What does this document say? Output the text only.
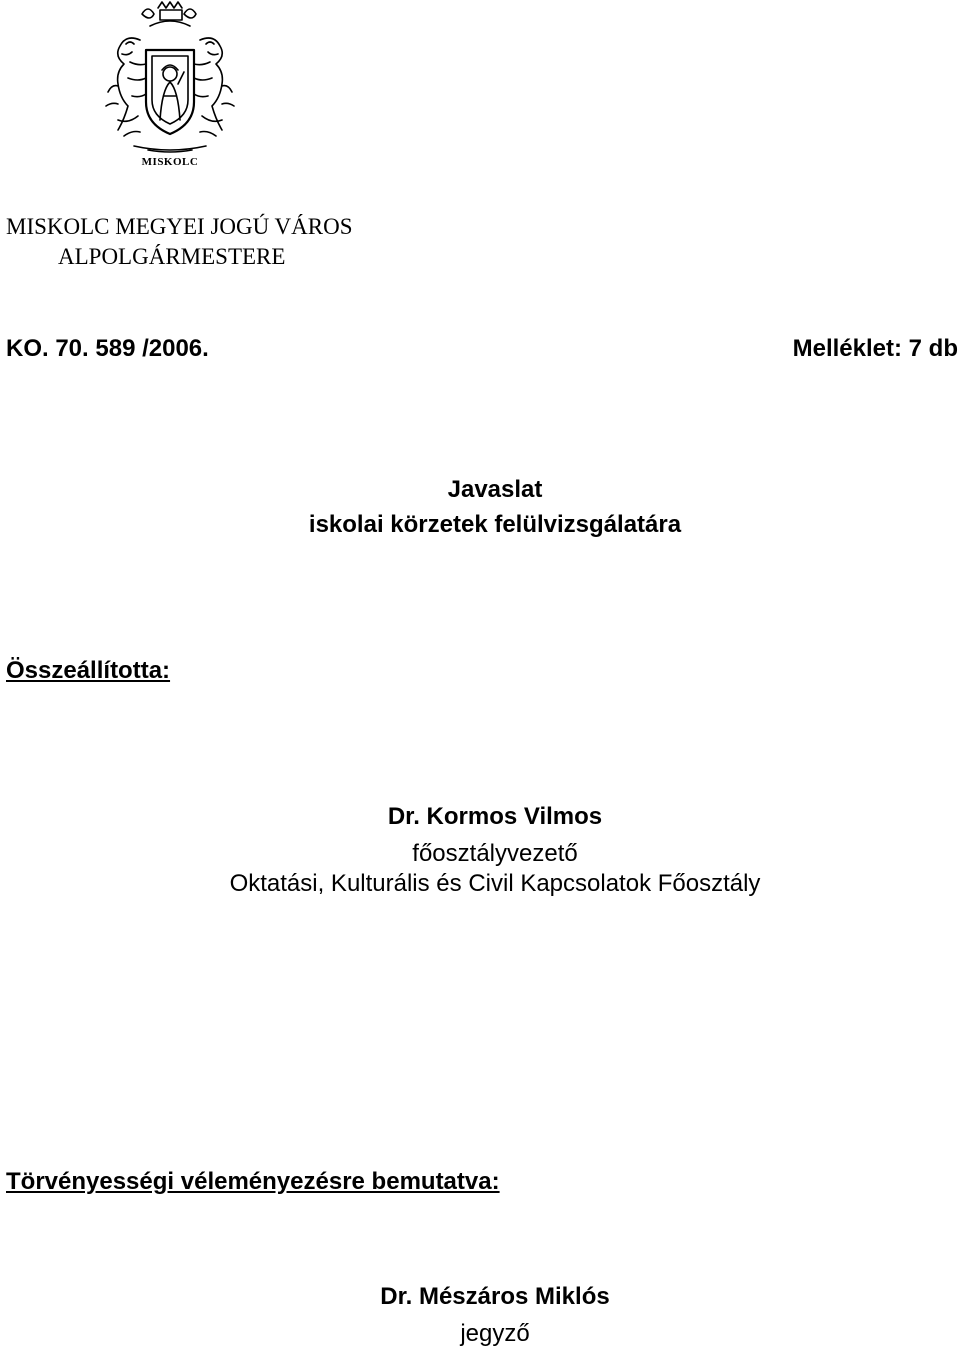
MISKOLC
MISKOLC MEGYEI JOGÚ VÁROS
ALPOLGÁRMESTERE
KO. 70. 589 /2006.	Melléklet: 7 db
Javaslat
iskolai körzetek felülvizsgálatára
Összeállította:
Dr. Kormos Vilmos
főosztályvezető
Oktatási, Kulturális és Civil Kapcsolatok Főosztály
Törvényességi véleményezésre bemutatva:
Dr. Mészáros Miklós
jegyző
